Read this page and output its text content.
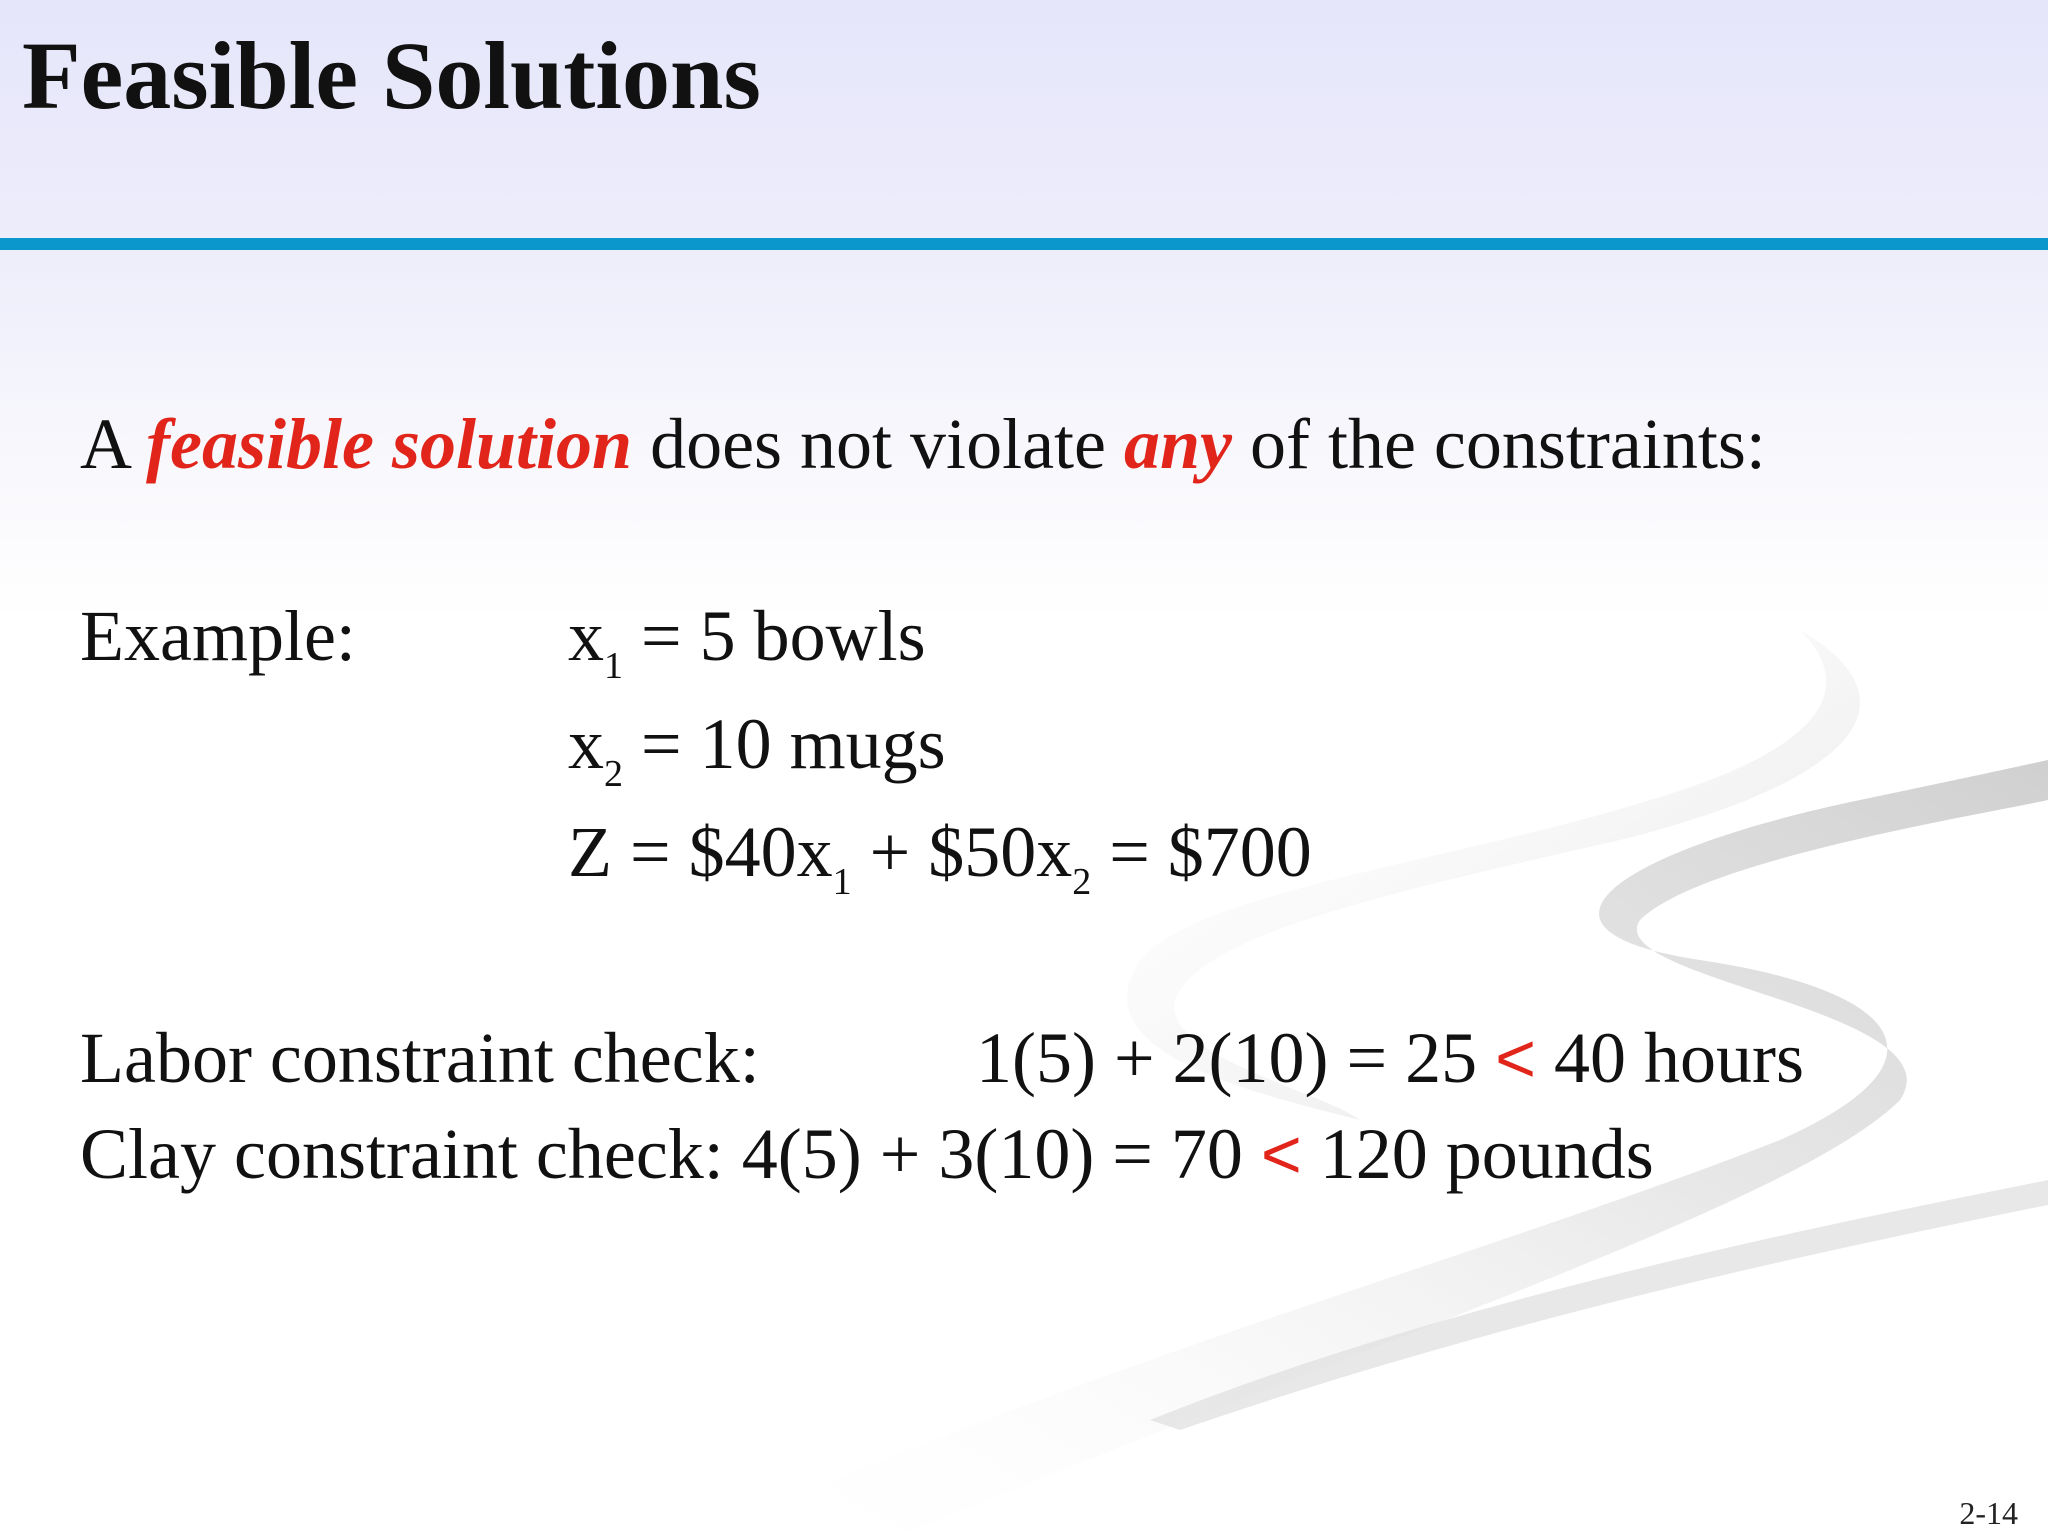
Feasible Solutions
A feasible solution does not violate any of the constraints:
Example:	$x_1 = 5$ bowls
$x_2 = 10$ mugs
$Z = \$40x_1$ + $\$50x_2$ = $700
Labor constraint check:	1(5) + 2(10) = 25 < 40 hours
Clay constraint check: 4(5) + 3(10) = 70 < 120 pounds
2-14
